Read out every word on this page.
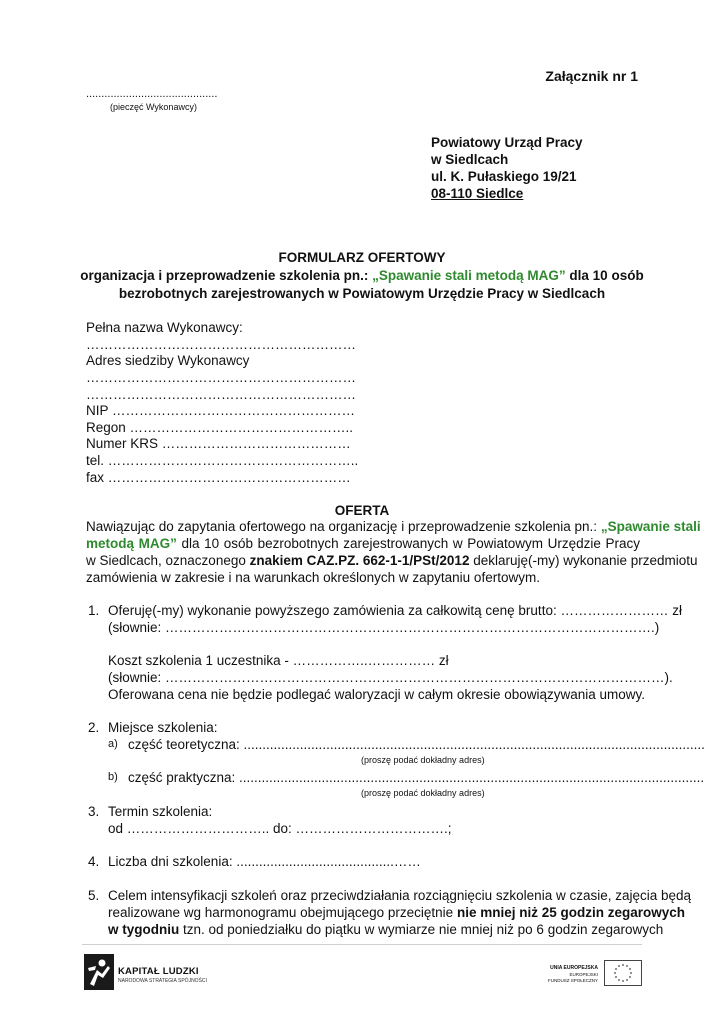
Załącznik nr 1
...........................................
(pieczęć Wykonawcy)
Powiatowy Urząd Pracy
w Siedlcach
ul. K. Pułaskiego 19/21
08-110 Siedlce
FORMULARZ OFERTOWY
organizacja i przeprowadzenie szkolenia pn.: „Spawanie stali metodą MAG” dla 10 osób
bezrobotnych zarejestrowanych w Powiatowym Urzędzie Pracy w Siedlcach
Pełna nazwa Wykonawcy:
……………………………………………………
Adres siedziby Wykonawcy
……………………………………………………
……………………………………………………
NIP ………………………………………………
Regon …………………………………………..
Numer KRS ……………………………………
tel. ………………………………………………..
fax ………………………………………………
OFERTA
Nawiązując do zapytania ofertowego na organizację i przeprowadzenie szkolenia pn.: „Spawanie stali
metodą MAG” dla 10 osób bezrobotnych zarejestrowanych w Powiatowym Urzędzie Pracy
w Siedlcach, oznaczonego znakiem CAZ.PZ. 662-1-1/PSt/2012 deklaruję(-my) wykonanie przedmiotu
zamówienia w zakresie i na warunkach określonych w zapytaniu ofertowym.
1. Oferuję(-my) wykonanie powyższego zamówienia za całkowitą cenę brutto: …………………… zł
(słownie: ……………………………………………………………………………………………….)
Koszt szkolenia 1 uczestnika - ……………..…………… zł
(słownie: …………………………………………………………………………………………………).
Oferowana cena nie będzie podlegać waloryzacji w całym okresie obowiązywania umowy.
2. Miejsce szkolenia:
a) część teoretyczna: ...........................................................................................................................
(proszę podać dokładny adres)
b) część praktyczna: ............................................................................................................................
(proszę podać dokładny adres)
3. Termin szkolenia:
od ………………………….. do: …………………………….;
4. Liczba dni szkolenia: ..........................................……
5. Celem intensyfikacji szkoleń oraz przeciwdziałania rozciągnięciu szkolenia w czasie, zajęcia będą
realizowane wg harmonogramu obejmującego przeciętnie nie mniej niż 25 godzin zegarowych
w tygodniu tzn. od poniedziałku do piątku w wymiarze nie mniej niż po 6 godzin zegarowych
KAPITAŁ LUDZKI
NARODOWA STRATEGIA SPÓJNOŚCI
UNIA EUROPEJSKA
EUROPEJSKI
FUNDUSZ SPOŁECZNY
